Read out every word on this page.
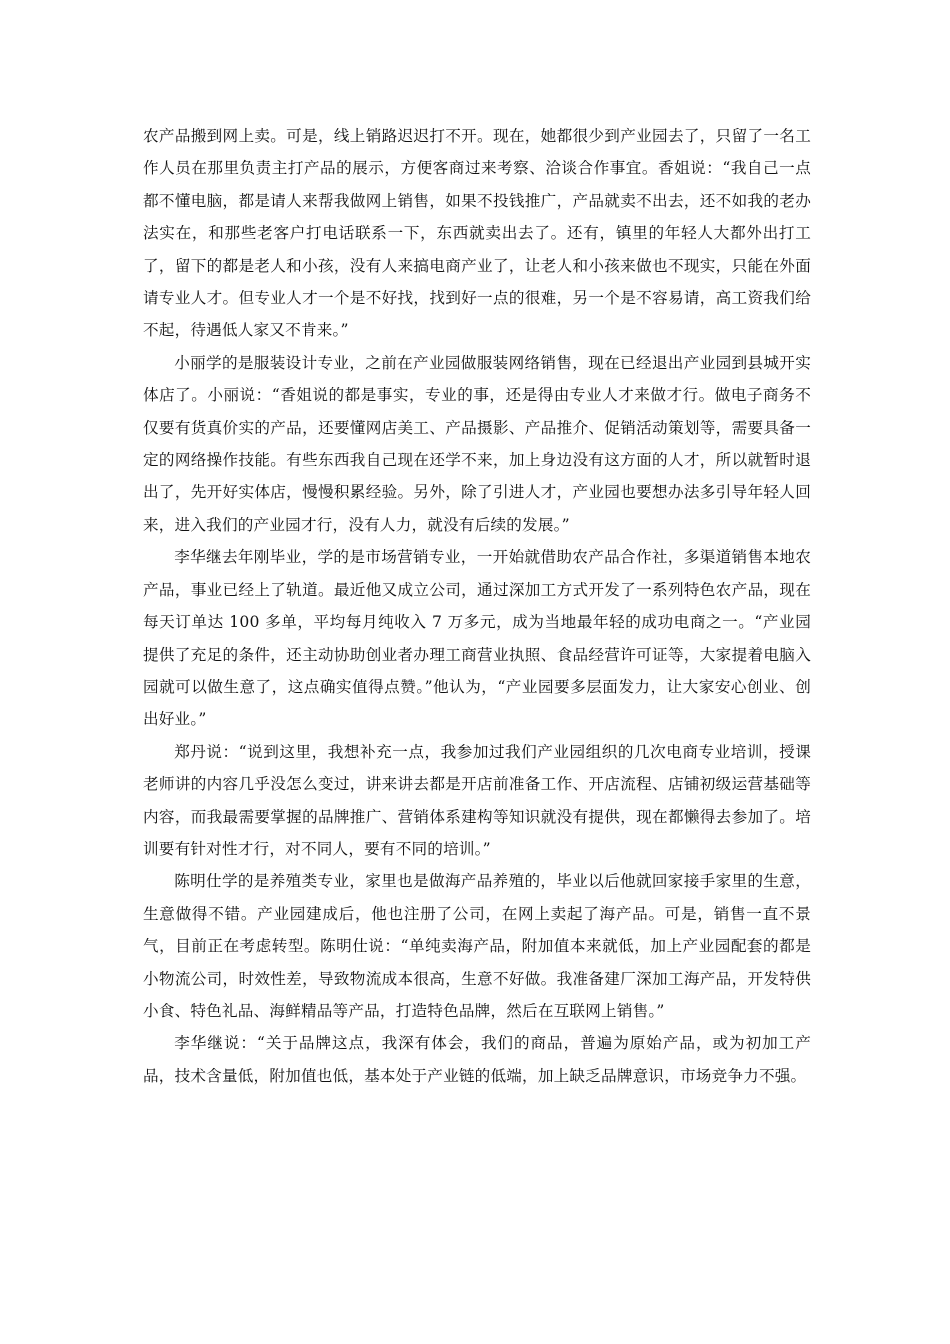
农产品搬到网上卖。可是，线上销路迟迟打不开。现在，她都很少到产业园去了，只留了一名工作人员在那里负责主打产品的展示，方便客商过来考察、洽谈合作事宜。香姐说：“我自己一点都不懂电脑，都是请人来帮我做网上销售，如果不投钱推广，产品就卖不出去，还不如我的老办法实在，和那些老客户打电话联系一下，东西就卖出去了。还有，镇里的年轻人大都外出打工了，留下的都是老人和小孩，没有人来搞电商产业了，让老人和小孩来做也不现实，只能在外面请专业人才。但专业人才一个是不好找，找到好一点的很难，另一个是不容易请，高工资我们给不起，待遇低人家又不肯来。”

小丽学的是服装设计专业，之前在产业园做服装网络销售，现在已经退出产业园到县城开实体店了。小丽说：“香姐说的都是事实，专业的事，还是得由专业人才来做才行。做电子商务不仅要有货真价实的产品，还要懂网店美工、产品摄影、产品推介、促销活动策划等，需要具备一定的网络操作技能。有些东西我自己现在还学不来，加上身边没有这方面的人才，所以就暂时退出了，先开好实体店，慢慢积累经验。另外，除了引进人才，产业园也要想办法多引导年轻人回来，进入我们的产业园才行，没有人力，就没有后续的发展。”

李华继去年刚毕业，学的是市场营销专业，一开始就借助农产品合作社，多渠道销售本地农产品，事业已经上了轨道。最近他又成立公司，通过深加工方式开发了一系列特色农产品，现在每天订单达 100 多单，平均每月纯收入 7 万多元，成为当地最年轻的成功电商之一。“产业园提供了充足的条件，还主动协助创业者办理工商营业执照、食品经营许可证等，大家提着电脑入园就可以做生意了，这点确实值得点赞。”他认为，“产业园要多层面发力，让大家安心创业、创出好业。”

郑丹说：“说到这里，我想补充一点，我参加过我们产业园组织的几次电商专业培训，授课老师讲的内容几乎没怎么变过，讲来讲去都是开店前准备工作、开店流程、店铺初级运营基础等内容，而我最需要掌握的品牌推广、营销体系建构等知识就没有提供，现在都懒得去参加了。培训要有针对性才行，对不同人，要有不同的培训。”

陈明仕学的是养殖类专业，家里也是做海产品养殖的，毕业以后他就回家接手家里的生意，生意做得不错。产业园建成后，他也注册了公司，在网上卖起了海产品。可是，销售一直不景气，目前正在考虑转型。陈明仕说：“单纯卖海产品，附加值本来就低，加上产业园配套的都是小物流公司，时效性差，导致物流成本很高，生意不好做。我准备建厂深加工海产品，开发特供小食、特色礼品、海鲜精品等产品，打造特色品牌，然后在互联网上销售。”

李华继说：“关于品牌这点，我深有体会，我们的商品，普遍为原始产品，或为初加工产品，技术含量低，附加值也低，基本处于产业链的低端，加上缺乏品牌意识，市场竞争力不强。
